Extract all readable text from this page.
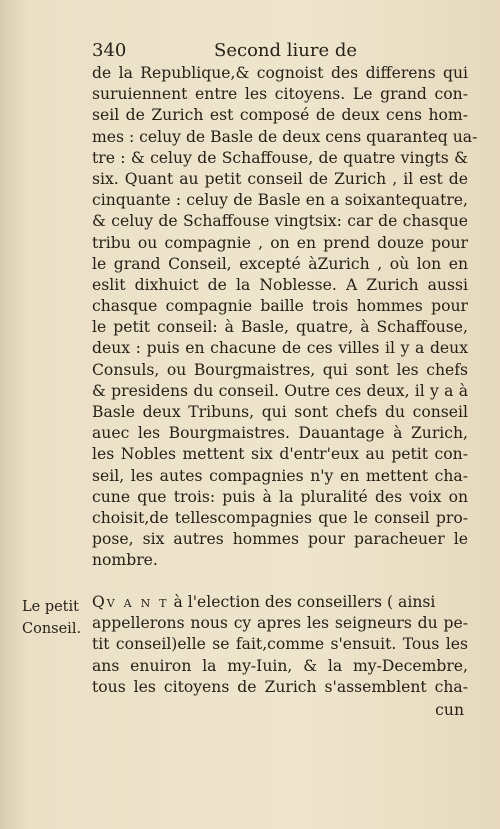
340	Second liure de
de la Republique,& cognoist des differens qui
suruiennent entre les citoyens. Le grand con-
seil de Zurich est composé de deux cens hom-
mes : celuy de Basle de deux cens quaranteq ua-
tre : & celuy de Schaffouse, de quatre vingts &
six. Quant au petit conseil de Zurich , il est de
cinquante : celuy de Basle en a soixantequatre,
& celuy de Schaffouse vingtsix: car de chasque
tribu ou compagnie , on en prend douze pour
le grand Conseil, excepté àZurich , où lon en
eslit dixhuict de la Noblesse. A Zurich aussi
chasque compagnie baille trois hommes pour
le petit conseil: à Basle, quatre, à Schaffouse,
deux : puis en chacune de ces villes il y a deux
Consuls, ou Bourgmaistres, qui sont les chefs
& presidens du conseil. Outre ces deux, il y a à
Basle deux Tribuns, qui sont chefs du conseil
auec les Bourgmaistres. Dauantage à Zurich,
les Nobles mettent six d'entr'eux au petit con-
seil, les autes compagnies n'y en mettent cha-
cune que trois: puis à la pluralité des voix on
choisit,de tellescompagnies que le conseil pro-
pose, six autres hommes pour paracheuer le
nombre.
Le petit
Conseil.
Qv a n t à l'election des conseillers ( ainsi
appellerons nous cy apres les seigneurs du pe-
tit conseil)elle se fait,comme s'ensuit. Tous les
ans enuiron la my-Iuin, & la my-Decembre,
tous les citoyens de Zurich s'assemblent cha-
cun
